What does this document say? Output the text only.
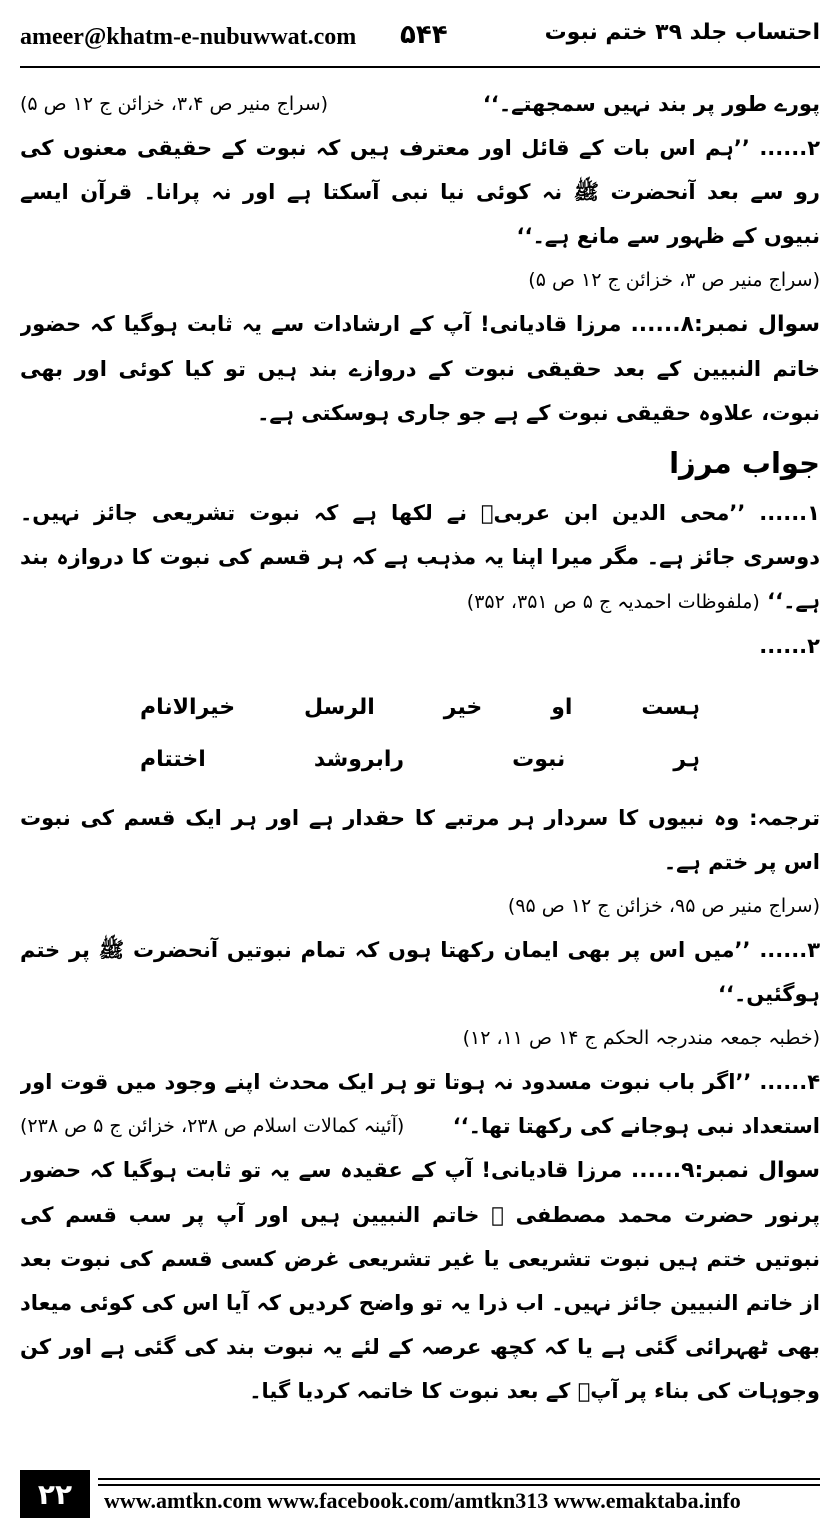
ameer@khatm-e-nubuwwat.com ۵۴۴	احتساب جلد ۳۹ ختم نبوت

پورے طور پر بند نہیں سمجھتے۔‘‘
(سراج منیر ص ۳،۴، خزائن ج ۱۲ ص ۵)

۲...... ’’ہم اس بات کے قائل اور معترف ہیں کہ نبوت کے حقیقی معنوں کی رو سے بعد آنحضرت ﷺ نہ کوئی نیا نبی آسکتا ہے اور نہ پرانا۔ قرآن ایسے نبیوں کے ظہور سے مانع ہے۔‘‘

(سراج منیر ص ۳، خزائن ج ۱۲ ص ۵)

سوال نمبر:۸...... مرزا قادیانی! آپ کے ارشادات سے یہ ثابت ہوگیا کہ حضور خاتم النبیین کے بعد حقیقی نبوت کے دروازے بند ہیں تو کیا کوئی اور بھی نبوت، علاوہ حقیقی نبوت کے ہے جو جاری ہوسکتی ہے۔

جواب مرزا

۱...... ’’محی الدین ابن عربیؒ نے لکھا ہے کہ نبوت تشریعی جائز نہیں۔ دوسری جائز ہے۔ مگر میرا اپنا یہ مذہب ہے کہ ہر قسم کی نبوت کا دروازہ بند ہے۔‘‘ (ملفوظات احمدیہ ج ۵ ص ۳۵۱، ۳۵۲)

۲......

ہست
او
خیر
الرسل
خیرالانام
ہر
نبوت
رابروشد
اختتام

ترجمہ: وہ نبیوں کا سردار ہر مرتبے کا حقدار ہے اور ہر ایک قسم کی نبوت اس پر ختم ہے۔

(سراج منیر ص ۹۵، خزائن ج ۱۲ ص ۹۵)

۳...... ’’میں اس پر بھی ایمان رکھتا ہوں کہ تمام نبوتیں آنحضرت ﷺ پر ختم ہوگئیں۔‘‘

(خطبہ جمعہ مندرجہ الحکم ج ۱۴ ص ۱۱، ۱۲)

۴...... ’’اگر باب نبوت مسدود نہ ہوتا تو ہر ایک محدث اپنے وجود میں قوت اور استعداد نبی ہوجانے کی رکھتا تھا۔‘‘
(آئینہ کمالات اسلام ص ۲۳۸، خزائن ج ۵ ص ۲۳۸)

سوال نمبر:۹...... مرزا قادیانی! آپ کے عقیدہ سے یہ تو ثابت ہوگیا کہ حضور پرنور حضرت محمد مصطفی ﷺ خاتم النبیین ہیں اور آپ پر سب قسم کی نبوتیں ختم ہیں نبوت تشریعی یا غیر تشریعی غرض کسی قسم کی نبوت بعد از خاتم النبیین جائز نہیں۔ اب ذرا یہ تو واضح کردیں کہ آیا اس کی کوئی میعاد بھی ٹھہرائی گئی ہے یا کہ کچھ عرصہ کے لئے یہ نبوت بند کی گئی ہے اور کن وجوہات کی بناء پر آپؐ کے بعد نبوت کا خاتمہ کردیا گیا۔

۲۲	www.amtkn.com www.facebook.com/amtkn313 www.emaktaba.info
